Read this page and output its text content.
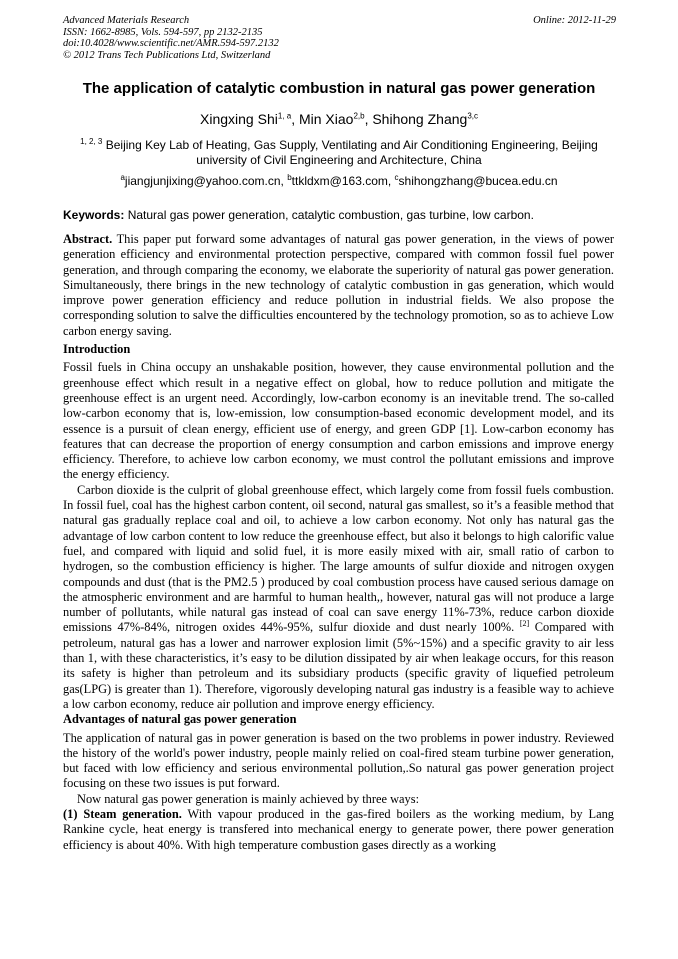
Advanced Materials Research
ISSN: 1662-8985, Vols. 594-597, pp 2132-2135
doi:10.4028/www.scientific.net/AMR.594-597.2132
© 2012 Trans Tech Publications Ltd, Switzerland
Online: 2012-11-29
The application of catalytic combustion in natural gas power generation
Xingxing Shi$^{1, a}$, Min Xiao$^{2,b}$, Shihong Zhang$^{3,c}$
$^{1, 2, 3}$ Beijing Key Lab of Heating, Gas Supply, Ventilating and Air Conditioning Engineering, Beijing university of Civil Engineering and Architecture, China
$^a$jiangjunjixing@yahoo.com.cn, $^b$ttkldxm@163.com, $^c$shihongzhang@bucea.edu.cn
Keywords: Natural gas power generation, catalytic combustion, gas turbine, low carbon.

Abstract. This paper put forward some advantages of natural gas power generation, in the views of power generation efficiency and environmental protection perspective, compared with common fossil fuel power generation, and through comparing the economy, we elaborate the superiority of natural gas power generation. Simultaneously, there brings in the new technology of catalytic combustion in gas generation, which would improve power generation efficiency and reduce pollution in industrial fields. We also propose the corresponding solution to salve the difficulties encountered by the technology promotion, so as to achieve Low carbon energy saving.

Introduction

Fossil fuels in China occupy an unshakable position, however, they cause environmental pollution and the greenhouse effect which result in a negative effect on global, how to reduce pollution and mitigate the greenhouse effect is an urgent need. Accordingly, low-carbon economy is an inevitable trend. The so-called low-carbon economy that is, low-emission, low consumption-based economic development model, and its essence is a pursuit of clean energy, efficient use of energy, and green GDP [1]. Low-carbon economy has features that can decrease the proportion of energy consumption and carbon emissions and improve energy efficiency. Therefore, to achieve low carbon economy, we must control the pollutant emissions and improve the energy efficiency.

Carbon dioxide is the culprit of global greenhouse effect, which largely come from fossil fuels combustion. In fossil fuel, coal has the highest carbon content, oil second, natural gas smallest, so it’s a feasible method that natural gas gradually replace coal and oil, to achieve a low carbon economy. Not only has natural gas the advantage of low carbon content to low reduce the greenhouse effect, but also it belongs to high calorific value fuel, and compared with liquid and solid fuel, it is more easily mixed with air, small ratio of carbon to hydrogen, so the combustion efficiency is higher. The large amounts of sulfur dioxide and nitrogen oxygen compounds and dust (that is the PM2.5 ) produced by coal combustion process have caused serious damage on the atmospheric environment and are harmful to human health,, however, natural gas will not produce a large number of pollutants, while natural gas instead of coal can save energy 11%-73%, reduce carbon dioxide emissions 47%-84%, nitrogen oxides 44%-95%, sulfur dioxide and dust nearly 100%. [2] Compared with petroleum, natural gas has a lower and narrower explosion limit (5%~15%) and a specific gravity to air less than 1, with these characteristics, it’s easy to be dilution dissipated by air when leakage occurs, for this reason its safety is higher than petroleum and its subsidiary products (specific gravity of liquefied petroleum gas(LPG) is greater than 1). Therefore, vigorously developing natural gas industry is a feasible way to achieve a low carbon economy, reduce air pollution and improve energy efficiency.

Advantages of natural gas power generation

The application of natural gas in power generation is based on the two problems in power industry. Reviewed the history of the world's power industry, people mainly relied on coal-fired steam turbine power generation, but faced with low efficiency and serious environmental pollution,.So natural gas power generation project focusing on these two issues is put forward.

Now natural gas power generation is mainly achieved by three ways:

(1) Steam generation. With vapour produced in the gas-fired boilers as the working medium, by Lang Rankine cycle, heat energy is transfered into mechanical energy to generate power, there power generation efficiency is about 40%. With high temperature combustion gases directly as a working
